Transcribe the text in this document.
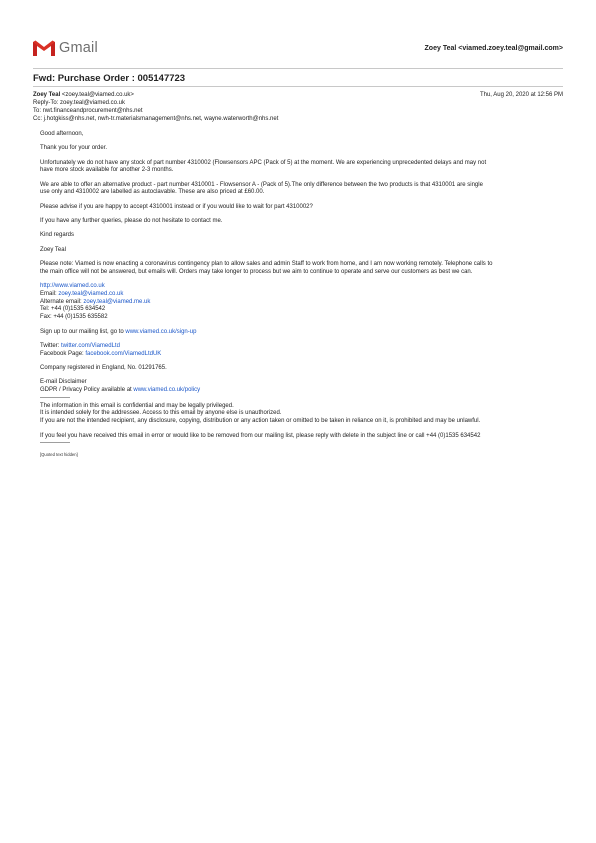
Gmail	Zoey Teal <viamed.zoey.teal@gmail.com>
Fwd: Purchase Order : 005147723
Zoey Teal <zoey.teal@viamed.co.uk>	Thu, Aug 20, 2020 at 12:56 PM
Reply-To: zoey.teal@viamed.co.uk
To: nwt.financeandprocurement@nhs.net
Cc: j.hotgkiss@nhs.net, nwh-tr.materialsmanagement@nhs.net, wayne.waterworth@nhs.net

Good afternoon,

Thank you for your order.

Unfortunately we do not have any stock of part number 4310002 (Flowsensors APC (Pack of 5) at the moment. We are experiencing unprecedented delays and may not
have more stock available for another 2-3 months.

We are able to offer an alternative product - part number 4310001 - Flowsensor A - (Pack of 5).The only difference between the two products is that 4310001 are single
use only and 4310002 are labelled as autoclavable. These are also priced at £60.00.

Please advise if you are happy to accept 4310001 instead or if you would like to wait for part 4310002?

If you have any further queries, please do not hesitate to contact me.

Kind regards

Zoey Teal

Please note: Viamed is now enacting a coronavirus contingency plan to allow sales and admin Staff to work from home, and I am now working remotely. Telephone calls to
the main office will not be answered, but emails will. Orders may take longer to process but we aim to continue to operate and serve our customers as best we can.

http://www.viamed.co.uk
Email: zoey.teal@viamed.co.uk
Alternate email: zoey.teal@viamed.me.uk
Tel: +44 (0)1535 634542
Fax: +44 (0)1535 635582

Sign up to our mailing list, go to www.viamed.co.uk/sign-up

Twitter: twitter.com/ViamedLtd
Facebook Page: facebook.com/ViamedLtdUK

Company registered in England, No. 01291765.

E-mail Disclaimer
GDPR / Privacy Policy available at www.viamed.co.uk/policy
—————
The information in this email is confidential and may be legally privileged.
It is intended solely for the addressee. Access to this email by anyone else is unauthorized.
If you are not the intended recipient, any disclosure, copying, distribution or any action taken or omitted to be taken in reliance on it, is prohibited and may be unlawful.

If you feel you have received this email in error or would like to be removed from our mailing list, please reply with delete in the subject line or call +44 (0)1535 634542
—————
[Quoted text hidden]
